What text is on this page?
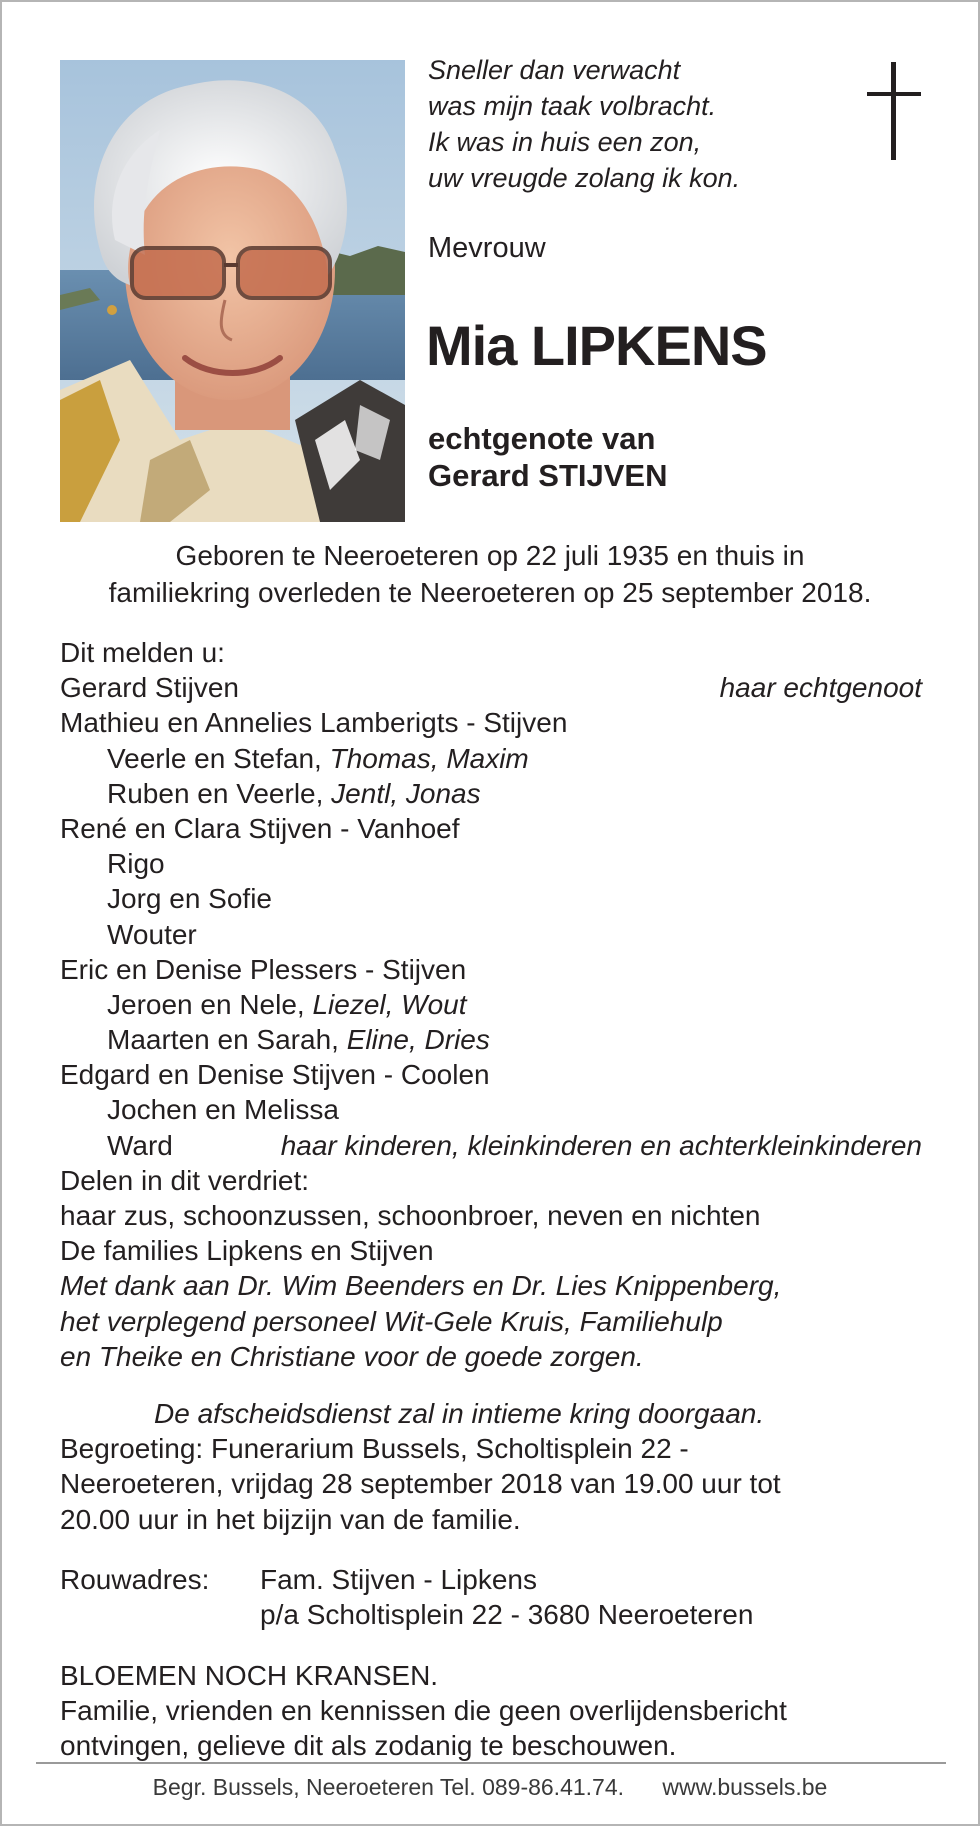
Sneller dan verwacht
was mijn taak volbracht.
Ik was in huis een zon,
uw vreugde zolang ik kon.
Mevrouw
Mia LIPKENS
echtgenote van
Gerard STIJVEN
Geboren te Neeroeteren op 22 juli 1935 en thuis in
familiekring overleden te Neeroeteren op 25 september 2018.
Dit melden u:
Gerard Stijven	haar echtgenoot
Mathieu en Annelies Lamberigts - Stijven
Veerle en Stefan, Thomas, Maxim
Ruben en Veerle, Jentl, Jonas
René en Clara Stijven - Vanhoef
Rigo
Jorg en Sofie
Wouter
Eric en Denise Plessers - Stijven
Jeroen en Nele, Liezel, Wout
Maarten en Sarah, Eline, Dries
Edgard en Denise Stijven - Coolen
Jochen en Melissa
Ward	haar kinderen, kleinkinderen en achterkleinkinderen
Delen in dit verdriet:
haar zus, schoonzussen, schoonbroer, neven en nichten
De families Lipkens en Stijven
Met dank aan Dr. Wim Beenders en Dr. Lies Knippenberg,
het verplegend personeel Wit-Gele Kruis, Familiehulp
en Theike en Christiane voor de goede zorgen.
De afscheidsdienst zal in intieme kring doorgaan.
Begroeting: Funerarium Bussels, Scholtisplein 22 -
Neeroeteren, vrijdag 28 september 2018 van 19.00 uur tot
20.00 uur in het bijzijn van de familie.
Rouwadres: Fam. Stijven - Lipkens
p/a Scholtisplein 22 - 3680 Neeroeteren
BLOEMEN NOCH KRANSEN.
Familie, vrienden en kennissen die geen overlijdensbericht
ontvingen, gelieve dit als zodanig te beschouwen.
Begr. Bussels, Neeroeteren Tel. 089-86.41.74. www.bussels.be
